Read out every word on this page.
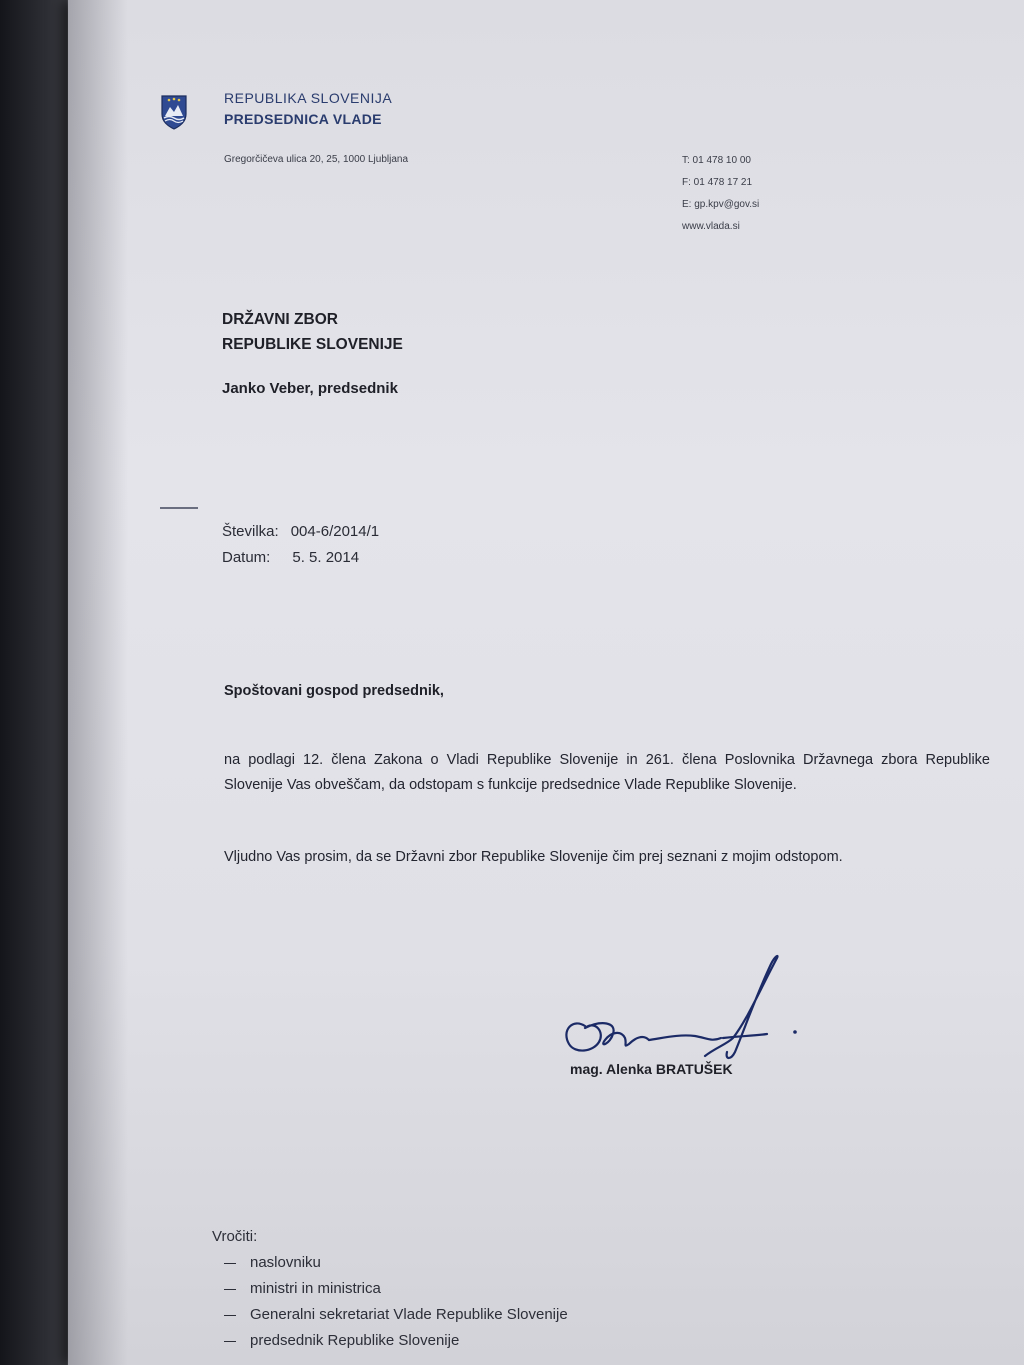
REPUBLIKA SLOVENIJA
PREDSEDNICA VLADE
Gregorčičeva ulica 20, 25, 1000 Ljubljana	T: 01 478 10 00
F: 01 478 17 21
E: gp.kpv@gov.si
www.vlada.si
DRŽAVNI ZBOR
REPUBLIKE SLOVENIJE
Janko Veber, predsednik
Številka: 004-6/2014/1
Datum: 5. 5. 2014
Spoštovani gospod predsednik,
na podlagi 12. člena Zakona o Vladi Republike Slovenije in 261. člena Poslovnika Državnega zbora Republike Slovenije Vas obveščam, da odstopam s funkcije predsednice Vlade Republike Slovenije.
Vljudno Vas prosim, da se Državni zbor Republike Slovenije čim prej seznani z mojim odstopom.
mag. Alenka BRATUŠEK
Vročiti:
naslovniku
ministri in ministrica
Generalni sekretariat Vlade Republike Slovenije
predsednik Republike Slovenije
